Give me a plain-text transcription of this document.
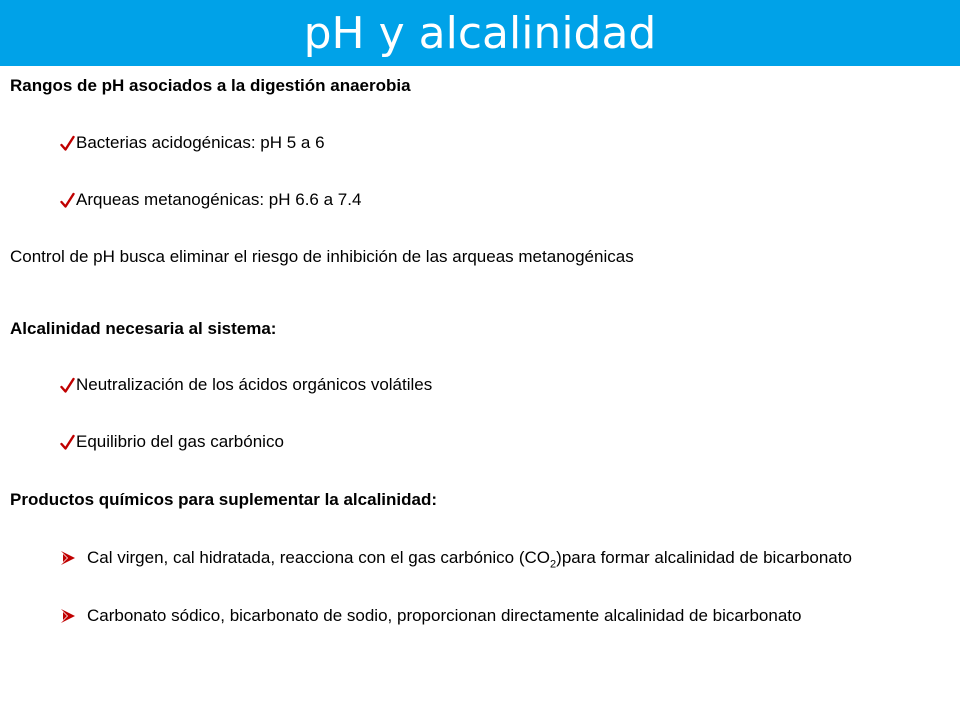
pH y alcalinidad
Rangos de pH asociados a la digestión anaerobia
Bacterias acidogénicas: pH 5 a 6
Arqueas metanogénicas: pH 6.6 a 7.4
Control de pH busca eliminar el riesgo de inhibición de las arqueas metanogénicas
Alcalinidad necesaria al sistema:
Neutralización de los ácidos orgánicos volátiles
Equilibrio del gas carbónico
Productos químicos para suplementar la alcalinidad:
Cal virgen, cal hidratada, reacciona con el gas carbónico $(CO_2)para$ formar alcalinidad de bicarbonato
Carbonato sódico, bicarbonato de sodio, proporcionan directamente alcalinidad de bicarbonato
